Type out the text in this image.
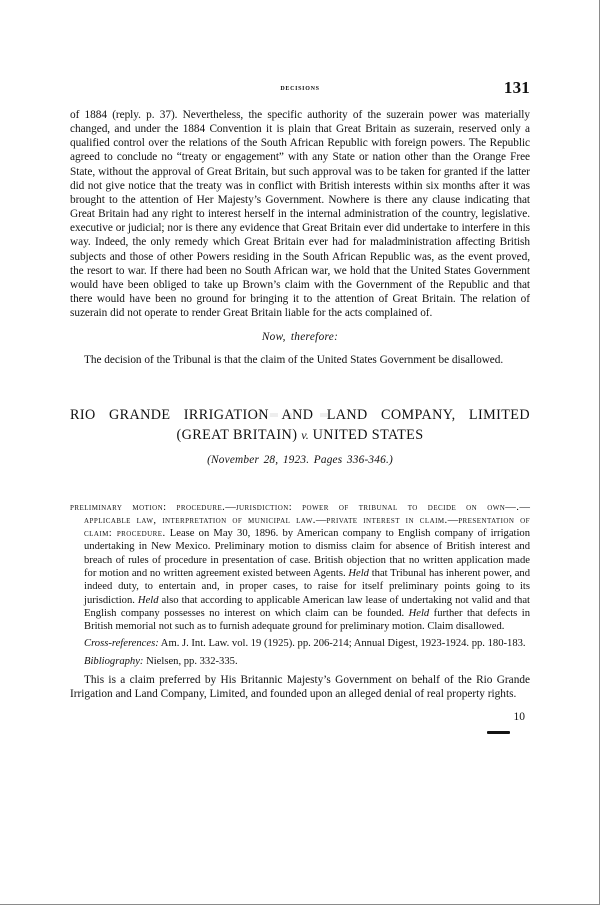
decisions	131

of 1884 (reply. p. 37). Nevertheless, the specific authority of the suzerain power was materially changed, and under the 1884 Convention it is plain that Great Britain as suzerain, reserved only a qualified control over the relations of the South African Republic with foreign powers. The Republic agreed to conclude no “treaty or engagement” with any State or nation other than the Orange Free State, without the approval of Great Britain, but such approval was to be taken for granted if the latter did not give notice that the treaty was in conflict with British interests within six months after it was brought to the attention of Her Majesty’s Government. Nowhere is there any clause indicating that Great Britain had any right to interest herself in the internal administration of the country, legislative. executive or judicial; nor is there any evidence that Great Britain ever did undertake to interfere in this way. Indeed, the only remedy which Great Britain ever had for maladministration affecting British subjects and those of other Powers residing in the South African Republic was, as the event proved, the resort to war. If there had been no South African war, we hold that the United States Government would have been obliged to take up Brown’s claim with the Government of the Republic and that there would have been no ground for bringing it to the attention of Great Britain. The relation of suzerain did not operate to render Great Britain liable for the acts complained of.

Now, therefore:

The decision of the Tribunal is that the claim of the United States Government be disallowed.

RIO GRANDE IRRIGATION AND LAND COMPANY, LIMITED
(GREAT BRITAIN) v. UNITED STATES
(November 28, 1923. Pages 336-346.)
preliminary motion: procedure.—jurisdiction: power of tribunal to decide on own—.—applicable law, interpretation of municipal law.—private interest in claim.—presentation of claim: procedure. Lease on May 30, 1896. by American company to English company of irrigation undertaking in New Mexico. Preliminary motion to dismiss claim for absence of British interest and breach of rules of procedure in presentation of case. British objection that no written application made for motion and no written agreement existed between Agents. Held that Tribunal has inherent power, and indeed duty, to entertain and, in proper cases, to raise for itself preliminary points going to its jurisdiction. Held also that according to applicable American law lease of undertaking not valid and that English company possesses no interest on which claim can be founded. Held further that defects in British memorial not such as to furnish adequate ground for preliminary motion. Claim disallowed.
Cross-references: Am. J. Int. Law. vol. 19 (1925). pp. 206-214; Annual Digest, 1923-1924. pp. 180-183.
Bibliography: Nielsen, pp. 332-335.
This is a claim preferred by His Britannic Majesty’s Government on behalf of the Rio Grande Irrigation and Land Company, Limited, and founded upon an alleged denial of real property rights.
10
